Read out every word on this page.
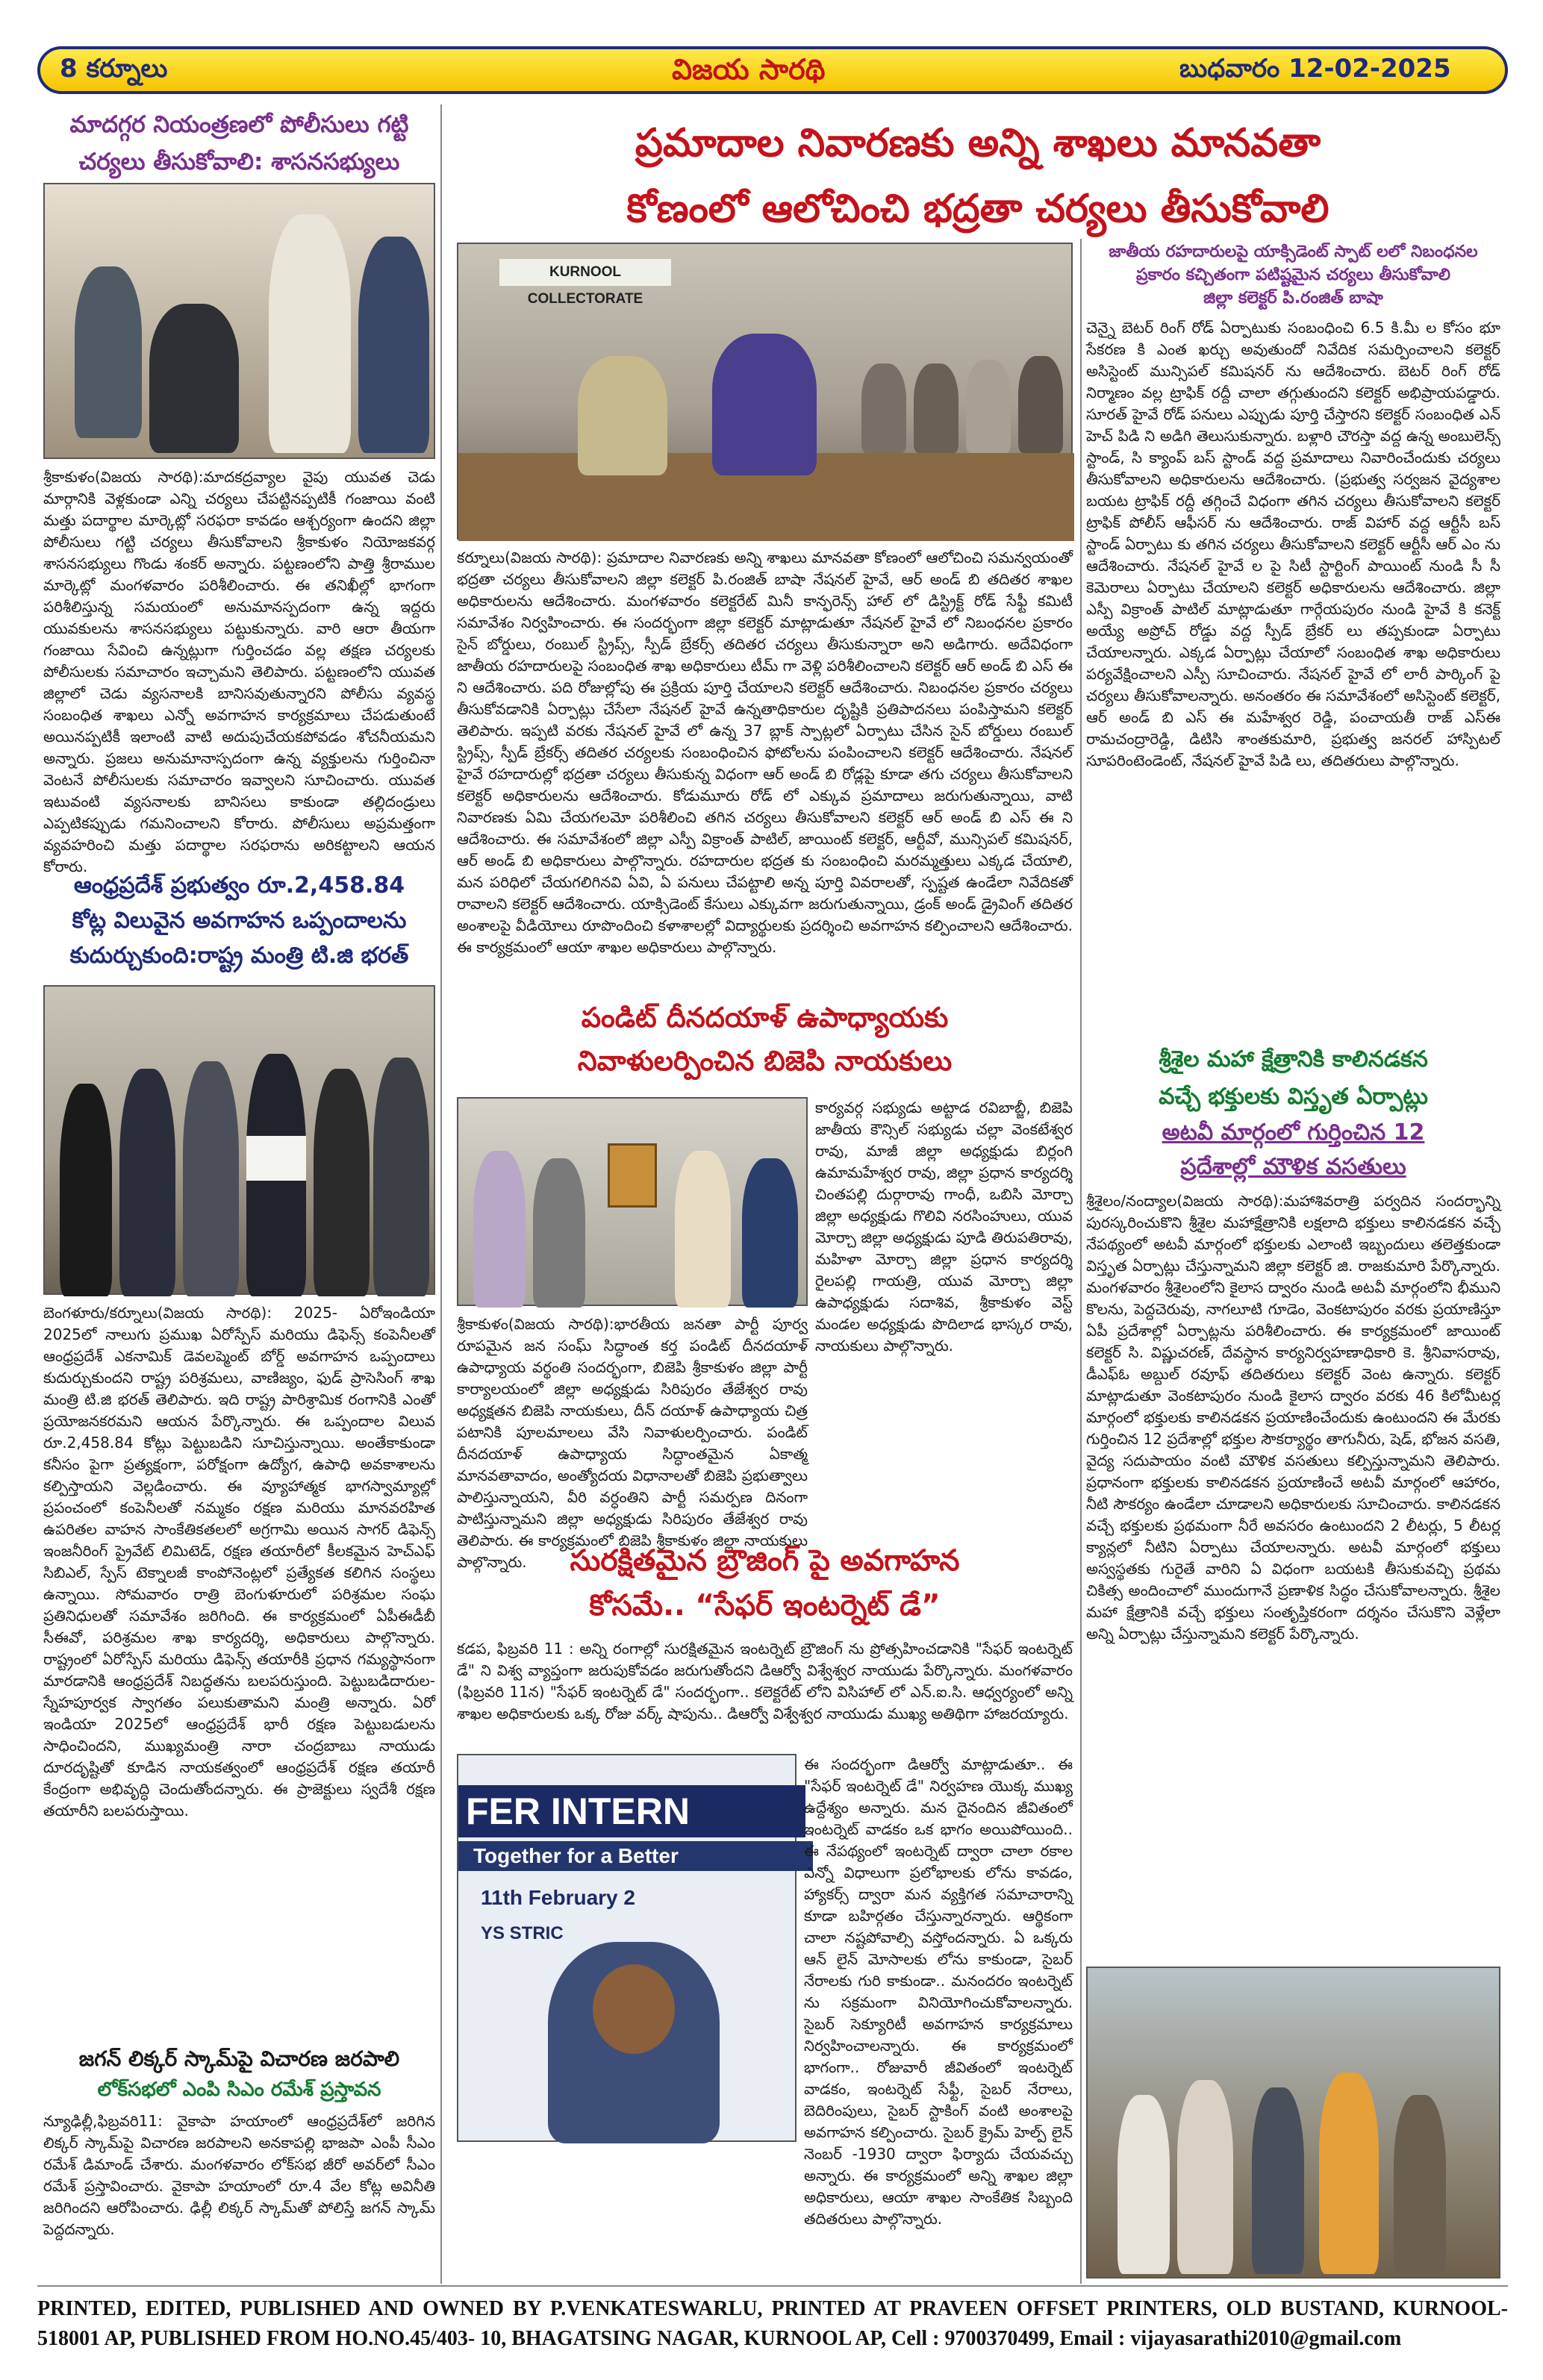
8 కర్నూలు	విజయ సారథి	బుధవారం 12-02-2025
మాదగ్గర నియంత్రణలో పోలీసులు గట్టి
చర్యలు తీసుకోవాలి: శాసనసభ్యులు
శ్రీకాకుళం(విజయ సారథి):మాదకద్రవ్యాల వైపు యువత చెడు మార్గానికి వెళ్లకుండా ఎన్ని చర్యలు చేపట్టినప్పటికీ గంజాయి వంటి మత్తు పదార్థాల మార్కెట్లో సరఫరా కావడం ఆశ్చర్యంగా ఉందని జిల్లా పోలీసులు గట్టి చర్యలు తీసుకోవాలని శ్రీకాకుళం నియోజకవర్గ శాసనసభ్యులు గొండు శంకర్ అన్నారు. పట్టణంలోని పాత్తి శ్రీరాముల మార్కెట్లో మంగళవారం పరిశీలించారు. ఈ తనిఖీల్లో భాగంగా పరిశీలిస్తున్న సమయంలో అనుమానస్పదంగా ఉన్న ఇద్దరు యువకులను శాసనసభ్యులు పట్టుకున్నారు. వారి ఆరా తీయగా గంజాయి సేవించి ఉన్నట్లుగా గుర్తించడం వల్ల తక్షణ చర్యలకు పోలీసులకు సమాచారం ఇచ్చామని తెలిపారు. పట్టణంలోని యువత జిల్లాలో చెడు వ్యసనాలకి బానిసవుతున్నారని పోలీసు వ్యవస్థ సంబంధిత శాఖలు ఎన్నో అవగాహన కార్యక్రమాలు చేపడుతుంటే అయినప్పటికీ ఇలాంటి వాటి అదుపుచేయకపోవడం శోచనీయమని అన్నారు. ప్రజలు అనుమానాస్పదంగా ఉన్న వ్యక్తులను గుర్తించినా వెంటనే పోలీసులకు సమాచారం ఇవ్వాలని సూచించారు. యువత ఇటువంటి వ్యసనాలకు బానిసలు కాకుండా తల్లిదండ్రులు ఎప్పటికప్పుడు గమనించాలని కోరారు. పోలీసులు అప్రమత్తంగా వ్యవహరించి మత్తు పదార్థాల సరఫరాను అరికట్టాలని ఆయన కోరారు.
ఆంధ్రప్రదేశ్ ప్రభుత్వం రూ.2,458.84
కోట్ల విలువైన అవగాహన ఒప్పందాలను
కుదుర్చుకుంది:రాష్ట్ర మంత్రి టి.జి భరత్
బెంగళూరు/కర్నూలు(విజయ సారథి): 2025- ఏరోఇండియా 2025లో నాలుగు ప్రముఖ ఏరోస్పేస్ మరియు డిఫెన్స్ కంపెనీలతో ఆంధ్రప్రదేశ్ ఎకనామిక్ డెవలప్మెంట్ బోర్డ్ అవగాహన ఒప్పందాలు కుదుర్చుకుందని రాష్ట్ర పరిశ్రమలు, వాణిజ్యం, ఫుడ్ ప్రాసెసింగ్ శాఖ మంత్రి టి.జి భరత్ తెలిపారు. ఇది రాష్ట్ర పారిశ్రామిక రంగానికి ఎంతో ప్రయోజనకరమని ఆయన పేర్కొన్నారు. ఈ ఒప్పందాల విలువ రూ.2,458.84 కోట్లు పెట్టుబడిని సూచిస్తున్నాయి. అంతేకాకుండా కనీసం పైగా ప్రత్యక్షంగా, పరోక్షంగా ఉద్యోగ, ఉపాధి అవకాశాలను కల్పిస్తాయని వెల్లడించారు. ఈ వ్యూహాత్మక భాగస్వామ్యాల్లో ప్రపంచంలో కంపెనీలతో నమ్మకం రక్షణ మరియు మానవరహిత ఉపరితల వాహన సాంకేతికతలలో అగ్రగామి అయిన సాగర్ డిఫెన్స్ ఇంజనీరింగ్ ప్రైవేట్ లిమిటెడ్, రక్షణ తయారీలో కీలకమైన హెచ్ఎఫ్ సిబిఎల్, స్పేస్ టెక్నాలజీ కాంపోనెంట్లలో ప్రత్యేకత కలిగిన సంస్థలు ఉన్నాయి. సోమవారం రాత్రి బెంగుళూరులో పరిశ్రమల సంఘ ప్రతినిధులతో సమావేశం జరిగింది. ఈ కార్యక్రమంలో ఏపీఈడీబీ సీఈవో, పరిశ్రమల శాఖ కార్యదర్శి, అధికారులు పాల్గొన్నారు. రాష్ట్రంలో ఏరోస్పేస్ మరియు డిఫెన్స్ తయారీకి ప్రధాన గమ్యస్థానంగా మారడానికి ఆంధ్రప్రదేశ్ నిబద్ధతను బలపరుస్తుంది. పెట్టుబడిదారుల-స్నేహపూర్వక స్వాగతం పలుకుతామని మంత్రి అన్నారు. ఏరో ఇండియా 2025లో ఆంధ్రప్రదేశ్ భారీ రక్షణ పెట్టుబడులను సాధించిందని, ముఖ్యమంత్రి నారా చంద్రబాబు నాయుడు దూరదృష్టితో కూడిన నాయకత్వంలో ఆంధ్రప్రదేశ్ రక్షణ తయారీ కేంద్రంగా అభివృద్ధి చెందుతోందన్నారు. ఈ ప్రాజెక్టులు స్వదేశీ రక్షణ తయారీని బలపరుస్తాయి.
జగన్ లిక్కర్ స్కామ్‌పై విచారణ జరపాలి
లోక్‌సభలో ఎంపి సిఎం రమేశ్ ప్రస్తావన
న్యూఢిల్లీ,ఫిబ్రవరి11: వైకాపా హయాంలో ఆంధ్రప్రదేశ్‌లో జరిగిన లిక్కర్ స్కామ్‌పై విచారణ జరపాలని అనకాపల్లి భాజపా ఎంపీ సీఎం రమేశ్ డిమాండ్ చేశారు. మంగళవారం లోక్‌సభ జీరో అవర్‌లో సీఎం రమేశ్ ప్రస్తావించారు. వైకాపా హయాంలో రూ.4 వేల కోట్ల అవినీతి జరిగిందని ఆరోపించారు. ఢిల్లీ లిక్కర్ స్కామ్‌తో పోలిస్తే జగన్ స్కామ్ పెద్దదన్నారు.
ప్రమాదాల నివారణకు అన్ని శాఖలు మానవతా
కోణంలో ఆలోచించి భద్రతా చర్యలు తీసుకోవాలి
KURNOOL COLLECTORATE
కర్నూలు(విజయ సారథి): ప్రమాదాల నివారణకు అన్ని శాఖలు మానవతా కోణంలో ఆలోచించి సమన్వయంతో భద్రతా చర్యలు తీసుకోవాలని జిల్లా కలెక్టర్ పి.రంజిత్ బాషా నేషనల్ హైవే, ఆర్ అండ్ బి తదితర శాఖల అధికారులను ఆదేశించారు. మంగళవారం కలెక్టరేట్ మినీ కాన్ఫరెన్స్ హాల్ లో డిస్ట్రిక్ట్ రోడ్ సేఫ్టీ కమిటీ సమావేశం నిర్వహించారు. ఈ సందర్భంగా జిల్లా కలెక్టర్ మాట్లాడుతూ నేషనల్ హైవే లో నిబంధనల ప్రకారం సైన్ బోర్డులు, రంబుల్ స్ట్రిప్స్, స్పీడ్ బ్రేకర్స్ తదితర చర్యలు తీసుకున్నారా అని అడిగారు. అదేవిధంగా జాతీయ రహదారులపై సంబంధిత శాఖ అధికారులు టీమ్ గా వెళ్లి పరిశీలించాలని కలెక్టర్ ఆర్ అండ్ బి ఎస్ ఈ ని ఆదేశించారు. పది రోజుల్లోపు ఈ ప్రక్రియ పూర్తి చేయాలని కలెక్టర్ ఆదేశించారు. నిబంధనల ప్రకారం చర్యలు తీసుకోవడానికి ఏర్పాట్లు చేసేలా నేషనల్ హైవే ఉన్నతాధికారుల దృష్టికి ప్రతిపాదనలు పంపిస్తామని కలెక్టర్ తెలిపారు. ఇప్పటి వరకు నేషనల్ హైవే లో ఉన్న 37 బ్లాక్ స్పాట్లలో ఏర్పాటు చేసిన సైన్ బోర్డులు రంబుల్ స్ట్రిప్స్, స్పీడ్ బ్రేకర్స్ తదితర చర్యలకు సంబంధించిన ఫోటోలను పంపించాలని కలెక్టర్ ఆదేశించారు. నేషనల్ హైవే రహదారుల్లో భద్రతా చర్యలు తీసుకున్న విధంగా ఆర్ అండ్ బి రోడ్లపై కూడా తగు చర్యలు తీసుకోవాలని కలెక్టర్ అధికారులను ఆదేశించారు. కోడుమూరు రోడ్ లో ఎక్కువ ప్రమాదాలు జరుగుతున్నాయి, వాటి నివారణకు ఏమి చేయగలమో పరిశీలించి తగిన చర్యలు తీసుకోవాలని కలెక్టర్ ఆర్ అండ్ బి ఎస్ ఈ ని ఆదేశించారు. ఈ సమావేశంలో జిల్లా ఎస్పీ విక్రాంత్ పాటిల్, జాయింట్ కలెక్టర్, ఆర్టీవో, మున్సిపల్ కమిషనర్, ఆర్ అండ్ బి అధికారులు పాల్గొన్నారు. రహదారుల భద్రత కు సంబంధించి మరమ్మత్తులు ఎక్కడ చేయాలి, మన పరిధిలో చేయగలిగినవి ఏవి, ఏ పనులు చేపట్టాలి అన్న పూర్తి వివరాలతో, స్పష్టత ఉండేలా నివేదికతో రావాలని కలెక్టర్ ఆదేశించారు. యాక్సిడెంట్ కేసులు ఎక్కువగా జరుగుతున్నాయి, డ్రంక్ అండ్ డ్రైవింగ్ తదితర అంశాలపై వీడియోలు రూపొందించి కళాశాలల్లో విద్యార్థులకు ప్రదర్శించి అవగాహన కల్పించాలని ఆదేశించారు. ఈ కార్యక్రమంలో ఆయా శాఖల అధికారులు పాల్గొన్నారు.
పండిట్ దీనదయాళ్ ఉపాధ్యాయకు
నివాళులర్పించిన బిజెపి నాయకులు
కార్యవర్గ సభ్యుడు అట్టాడ రవిబాబ్జీ, బిజెపి జాతీయ కౌన్సిల్ సభ్యుడు చల్లా వెంకటేశ్వర రావు, మాజీ జిల్లా అధ్యక్షుడు బిర్లంగి ఉమామహేశ్వర రావు, జిల్లా ప్రధాన కార్యదర్శి చింతపల్లి దుర్గారావు గాంధీ, ఒబిసి మోర్చా జిల్లా అధ్యక్షుడు గొలివి నరసింహులు, యువ మోర్చా జిల్లా అధ్యక్షుడు పూడి తిరుపతిరావు, మహిళా మోర్చా జిల్లా ప్రధాన కార్యదర్శి రైలపల్లి గాయత్రి, యువ మోర్చా జిల్లా ఉపాధ్యక్షుడు సదాశివ, శ్రీకాకుళం వెస్ట్ మండల అధ్యక్షుడు పొదిలాడ భాస్కర రావు, నాయకులు పాల్గొన్నారు.
శ్రీకాకుళం(విజయ సారథి):భారతీయ జనతా పార్టీ పూర్వ రూపమైన జన సంఘ్ సిద్ధాంత కర్త పండిట్ దీనదయాళ్ ఉపాధ్యాయ వర్థంతి సందర్భంగా, బిజెపి శ్రీకాకుళం జిల్లా పార్టీ కార్యాలయంలో జిల్లా అధ్యక్షుడు సిరిపురం తేజేశ్వర రావు అధ్యక్షతన బిజెపి నాయకులు, దీన్ దయాళ్ ఉపాధ్యాయ చిత్ర పటానికి పూలమాలలు వేసి నివాళులర్పించారు. పండిట్ దీనదయాళ్ ఉపాధ్యాయ సిద్ధాంతమైన ఏకాత్మ మానవతావాదం, అంత్యోదయ విధానాలతో బిజెపి ప్రభుత్వాలు పాలిస్తున్నాయని, వీరి వర్ధంతిని పార్టీ సమర్పణ దినంగా పాటిస్తున్నామని జిల్లా అధ్యక్షుడు సిరిపురం తేజేశ్వర రావు తెలిపారు. ఈ కార్యక్రమంలో బిజెపి శ్రీకాకుళం జిల్లా నాయకులు పాల్గొన్నారు.	సురక్షితమైన బ్రౌజింగ్ పై అవగాహన
కోసమే.. “సేఫర్ ఇంటర్నెట్ డే”
కడప, ఫిబ్రవరి 11 : అన్ని రంగాల్లో సురక్షితమైన ఇంటర్నెట్ బ్రౌజింగ్ ను ప్రోత్సహించడానికి "సేఫర్ ఇంటర్నెట్ డే" ని విశ్వ వ్యాప్తంగా జరుపుకోవడం జరుగుతోందని డిఆర్వో విశ్వేశ్వర నాయుడు పేర్కొన్నారు. మంగళవారం (ఫిబ్రవరి 11న) "సేఫర్ ఇంటర్నెట్ డే" సందర్భంగా.. కలెక్టరేట్ లోని విసిహాల్ లో ఎన్.ఐ.సి. ఆధ్వర్యంలో అన్ని శాఖల అధికారులకు ఒక్క రోజు వర్క్ షాపును.. డిఆర్వో విశ్వేశ్వర నాయుడు ముఖ్య అతిథిగా హాజరయ్యారు.
FER INTERN
Together for a Better
11th February 2
YS STRIC
ఈ సందర్భంగా డిఆర్వో మాట్లాడుతూ.. ఈ "సేఫర్ ఇంటర్నెట్ డే" నిర్వహణ యొక్క ముఖ్య ఉద్దేశ్యం అన్నారు. మన దైనందిన జీవితంలో ఇంటర్నెట్ వాడకం ఒక భాగం అయిపోయింది.. ఈ నేపథ్యంలో ఇంటర్నెట్ ద్వారా చాలా రకాల ఎన్నో విధాలుగా ప్రలోభాలకు లోను కావడం, హ్యాకర్స్ ద్వారా మన వ్యక్తిగత సమాచారాన్ని కూడా బహిర్గతం చేస్తున్నారన్నారు. ఆర్థికంగా చాలా నష్టపోవాల్సి వస్తోందన్నారు. ఏ ఒక్కరు ఆన్ లైన్ మోసాలకు లోను కాకుండా, సైబర్ నేరాలకు గురి కాకుండా.. మనందరం ఇంటర్నెట్ ను సక్రమంగా వినియోగించుకోవాలన్నారు. సైబర్ సెక్యూరిటీ అవగాహన కార్యక్రమాలు నిర్వహించాలన్నారు. ఈ కార్యక్రమంలో భాగంగా.. రోజువారీ జీవితంలో ఇంటర్నెట్ వాడకం, ఇంటర్నెట్ సేఫ్టీ, సైబర్ నేరాలు, బెదిరింపులు, సైబర్ స్టాకింగ్ వంటి అంశాలపై అవగాహన కల్పించారు. సైబర్ క్రైమ్ హెల్ప్ లైన్ నెంబర్ -1930 ద్వారా ఫిర్యాదు చేయవచ్చు అన్నారు. ఈ కార్యక్రమంలో అన్ని శాఖల జిల్లా అధికారులు, ఆయా శాఖల సాంకేతిక సిబ్బంది తదితరులు పాల్గొన్నారు.
జాతీయ రహదారులపై యాక్సిడెంట్ స్పాట్ లలో నిబంధనల
ప్రకారం కచ్చితంగా పటిష్టమైన చర్యలు తీసుకోవాలి
జిల్లా కలెక్టర్ పి.రంజిత్ బాషా
చెన్నై బెటర్ రింగ్ రోడ్ ఏర్పాటుకు సంబంధించి 6.5 కి.మీ ల కోసం భూ సేకరణ కి ఎంత ఖర్చు అవుతుందో నివేదిక సమర్పించాలని కలెక్టర్ అసిస్టెంట్ మున్సిపల్ కమిషనర్ ను ఆదేశించారు. బెటర్ రింగ్ రోడ్ నిర్మాణం వల్ల ట్రాఫిక్ రద్దీ చాలా తగ్గుతుందని కలెక్టర్ అభిప్రాయపడ్డారు. సూరత్ హైవే రోడ్ పనులు ఎప్పుడు పూర్తి చేస్తారని కలెక్టర్ సంబంధిత ఎన్ హెచ్ పిడి ని అడిగి తెలుసుకున్నారు. బళ్లారి చౌరస్తా వద్ద ఉన్న అంబులెన్స్ స్టాండ్, సి క్యాంప్ బస్ స్టాండ్ వద్ద ప్రమాదాలు నివారించేందుకు చర్యలు తీసుకోవాలని అధికారులను ఆదేశించారు. (ప్రభుత్వ సర్వజన వైద్యశాల బయట ట్రాఫిక్ రద్దీ తగ్గించే విధంగా తగిన చర్యలు తీసుకోవాలని కలెక్టర్ ట్రాఫిక్ పోలీస్ ఆఫీసర్ ను ఆదేశించారు. రాజ్ విహార్ వద్ద ఆర్టీసీ బస్ స్టాండ్ ఏర్పాటు కు తగిన చర్యలు తీసుకోవాలని కలెక్టర్ ఆర్టీసీ ఆర్ ఎం ను ఆదేశించారు. నేషనల్ హైవే ల పై సిటీ స్టార్టింగ్ పాయింట్ నుండి సీ సీ కెమెరాలు ఏర్పాటు చేయాలని కలెక్టర్ అధికారులను ఆదేశించారు. జిల్లా ఎస్పీ విక్రాంత్ పాటిల్ మాట్లాడుతూ గార్గేయపురం నుండి హైవే కి కనెక్ట్ అయ్యే అప్రోచ్ రోడ్డు వద్ద స్పీడ్ బ్రేకర్ లు తప్పకుండా ఏర్పాటు చేయాలన్నారు. ఎక్కడ ఏర్పాట్లు చేయాలో సంబంధిత శాఖ అధికారులు పర్యవేక్షించాలని ఎస్పీ సూచించారు. నేషనల్ హైవే లో లారీ పార్కింగ్ పై చర్యలు తీసుకోవాలన్నారు. అనంతరం ఈ సమావేశంలో అసిస్టెంట్ కలెక్టర్, ఆర్ అండ్ బి ఎస్ ఈ మహేశ్వర రెడ్డి, పంచాయతీ రాజ్ ఎస్ఈ రామచంద్రారెడ్డి, డిటిసి శాంతకుమారి, ప్రభుత్వ జనరల్ హాస్పిటల్ సూపరింటెండెంట్, నేషనల్ హైవే పిడి లు, తదితరులు పాల్గొన్నారు.
శ్రీశైల మహా క్షేత్రానికి కాలినడకన
వచ్చే భక్తులకు విస్తృత ఏర్పాట్లు
అటవీ మార్గంలో గుర్తించిన 12
ప్రదేశాల్లో మౌళిక వసతులు
శ్రీశైలం/నంద్యాల(విజయ సారథి):మహాశివరాత్రి పర్వదిన సందర్భాన్ని పురస్కరించుకొని శ్రీశైల మహాక్షేత్రానికి లక్షలాది భక్తులు కాలినడకన వచ్చే నేపథ్యంలో అటవీ మార్గంలో భక్తులకు ఎలాంటి ఇబ్బందులు తలెత్తకుండా విస్తృత ఏర్పాట్లు చేస్తున్నామని జిల్లా కలెక్టర్ జి. రాజకుమారి పేర్కొన్నారు. మంగళవారం శ్రీశైలంలోని కైలాస ద్వారం నుండి అటవీ మార్గంలోని భీముని కొలను, పెద్దచెరువు, నాగలూటి గూడెం, వెంకటాపురం వరకు ప్రయాణిస్తూ ఏపీ ప్రదేశాల్లో ఏర్పాట్లను పరిశీలించారు. ఈ కార్యక్రమంలో జాయింట్ కలెక్టర్ సి. విష్ణుచరణ్, దేవస్థాన కార్యనిర్వహణాధికారి కె. శ్రీనివాసరావు, డీఎఫ్ఓ అబ్దుల్ రవూఫ్ తదితరులు కలెక్టర్ వెంట ఉన్నారు. కలెక్టర్ మాట్లాడుతూ వెంకటాపురం నుండి కైలాస ద్వారం వరకు 46 కిలోమీటర్ల మార్గంలో భక్తులకు కాలినడకన ప్రయాణించేందుకు ఉంటుందని ఈ మేరకు గుర్తించిన 12 ప్రదేశాల్లో భక్తుల సౌకర్యార్థం తాగునీరు, షెడ్, భోజన వసతి, వైద్య సదుపాయం వంటి మౌళిక వసతులు కల్పిస్తున్నామని తెలిపారు. ప్రధానంగా భక్తులకు కాలినడకన ప్రయాణించే అటవీ మార్గంలో ఆహారం, నీటి సౌకర్యం ఉండేలా చూడాలని అధికారులకు సూచించారు. కాలినడకన వచ్చే భక్తులకు ప్రథమంగా నీరే అవసరం ఉంటుందని 2 లీటర్లు, 5 లీటర్ల క్యాన్లలో నీటిని ఏర్పాటు చేయాలన్నారు. అటవీ మార్గంలో భక్తులు అస్వస్థతకు గురైతే వారిని ఏ విధంగా బయటకి తీసుకువచ్చి ప్రథమ చికిత్స అందించాలో ముందుగానే ప్రణాళిక సిద్ధం చేసుకోవాలన్నారు. శ్రీశైల మహా క్షేత్రానికి వచ్చే భక్తులు సంతృప్తికరంగా దర్శనం చేసుకొని వెళ్లేలా అన్ని ఏర్పాట్లు చేస్తున్నామని కలెక్టర్ పేర్కొన్నారు.
PRINTED, EDITED, PUBLISHED AND OWNED BY P.VENKATESWARLU, PRINTED AT PRAVEEN OFFSET PRINTERS, OLD BUSTAND, KURNOOL-518001 AP, PUBLISHED FROM HO.NO.45/403- 10, BHAGATSING NAGAR, KURNOOL AP, Cell : 9700370499, Email : vijayasarathi2010@gmail.com
